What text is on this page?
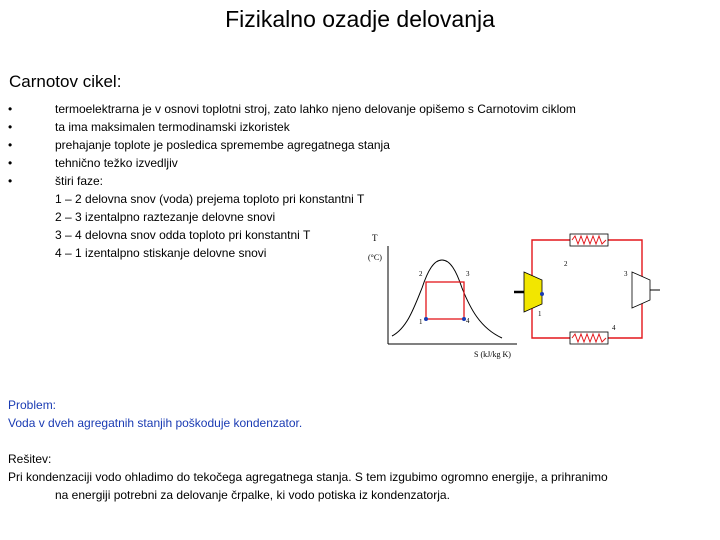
Fizikalno ozadje delovanja
Carnotov cikel:
• termoelektrarna je v osnovi toplotni stroj, zato lahko njeno delovanje opišemo s Carnotovim ciklom
• ta ima maksimalen termodinamski izkoristek
• prehajanje toplote je posledica spremembe agregatnega stanja
• tehnično težko izvedljiv
• štiri faze:
1 – 2 delovna snov (voda) prejema toploto pri konstantni T
2 – 3 izentalpno raztezanje delovne snovi
3 – 4 delovna snov odda toploto pri konstantni T
4 – 1 izentalpno stiskanje delovne snovi
T
(°C)
1
2	3
4
S (kJ/kg K)
1
2
3
4
Problem:
Voda v dveh agregatnih stanjih poškoduje kondenzator.
Rešitev:
Pri kondenzaciji vodo ohladimo do tekočega agregatnega stanja. S tem izgubimo ogromno energije, a prihranimo
na energiji potrebni za delovanje črpalke, ki vodo potiska iz kondenzatorja.
